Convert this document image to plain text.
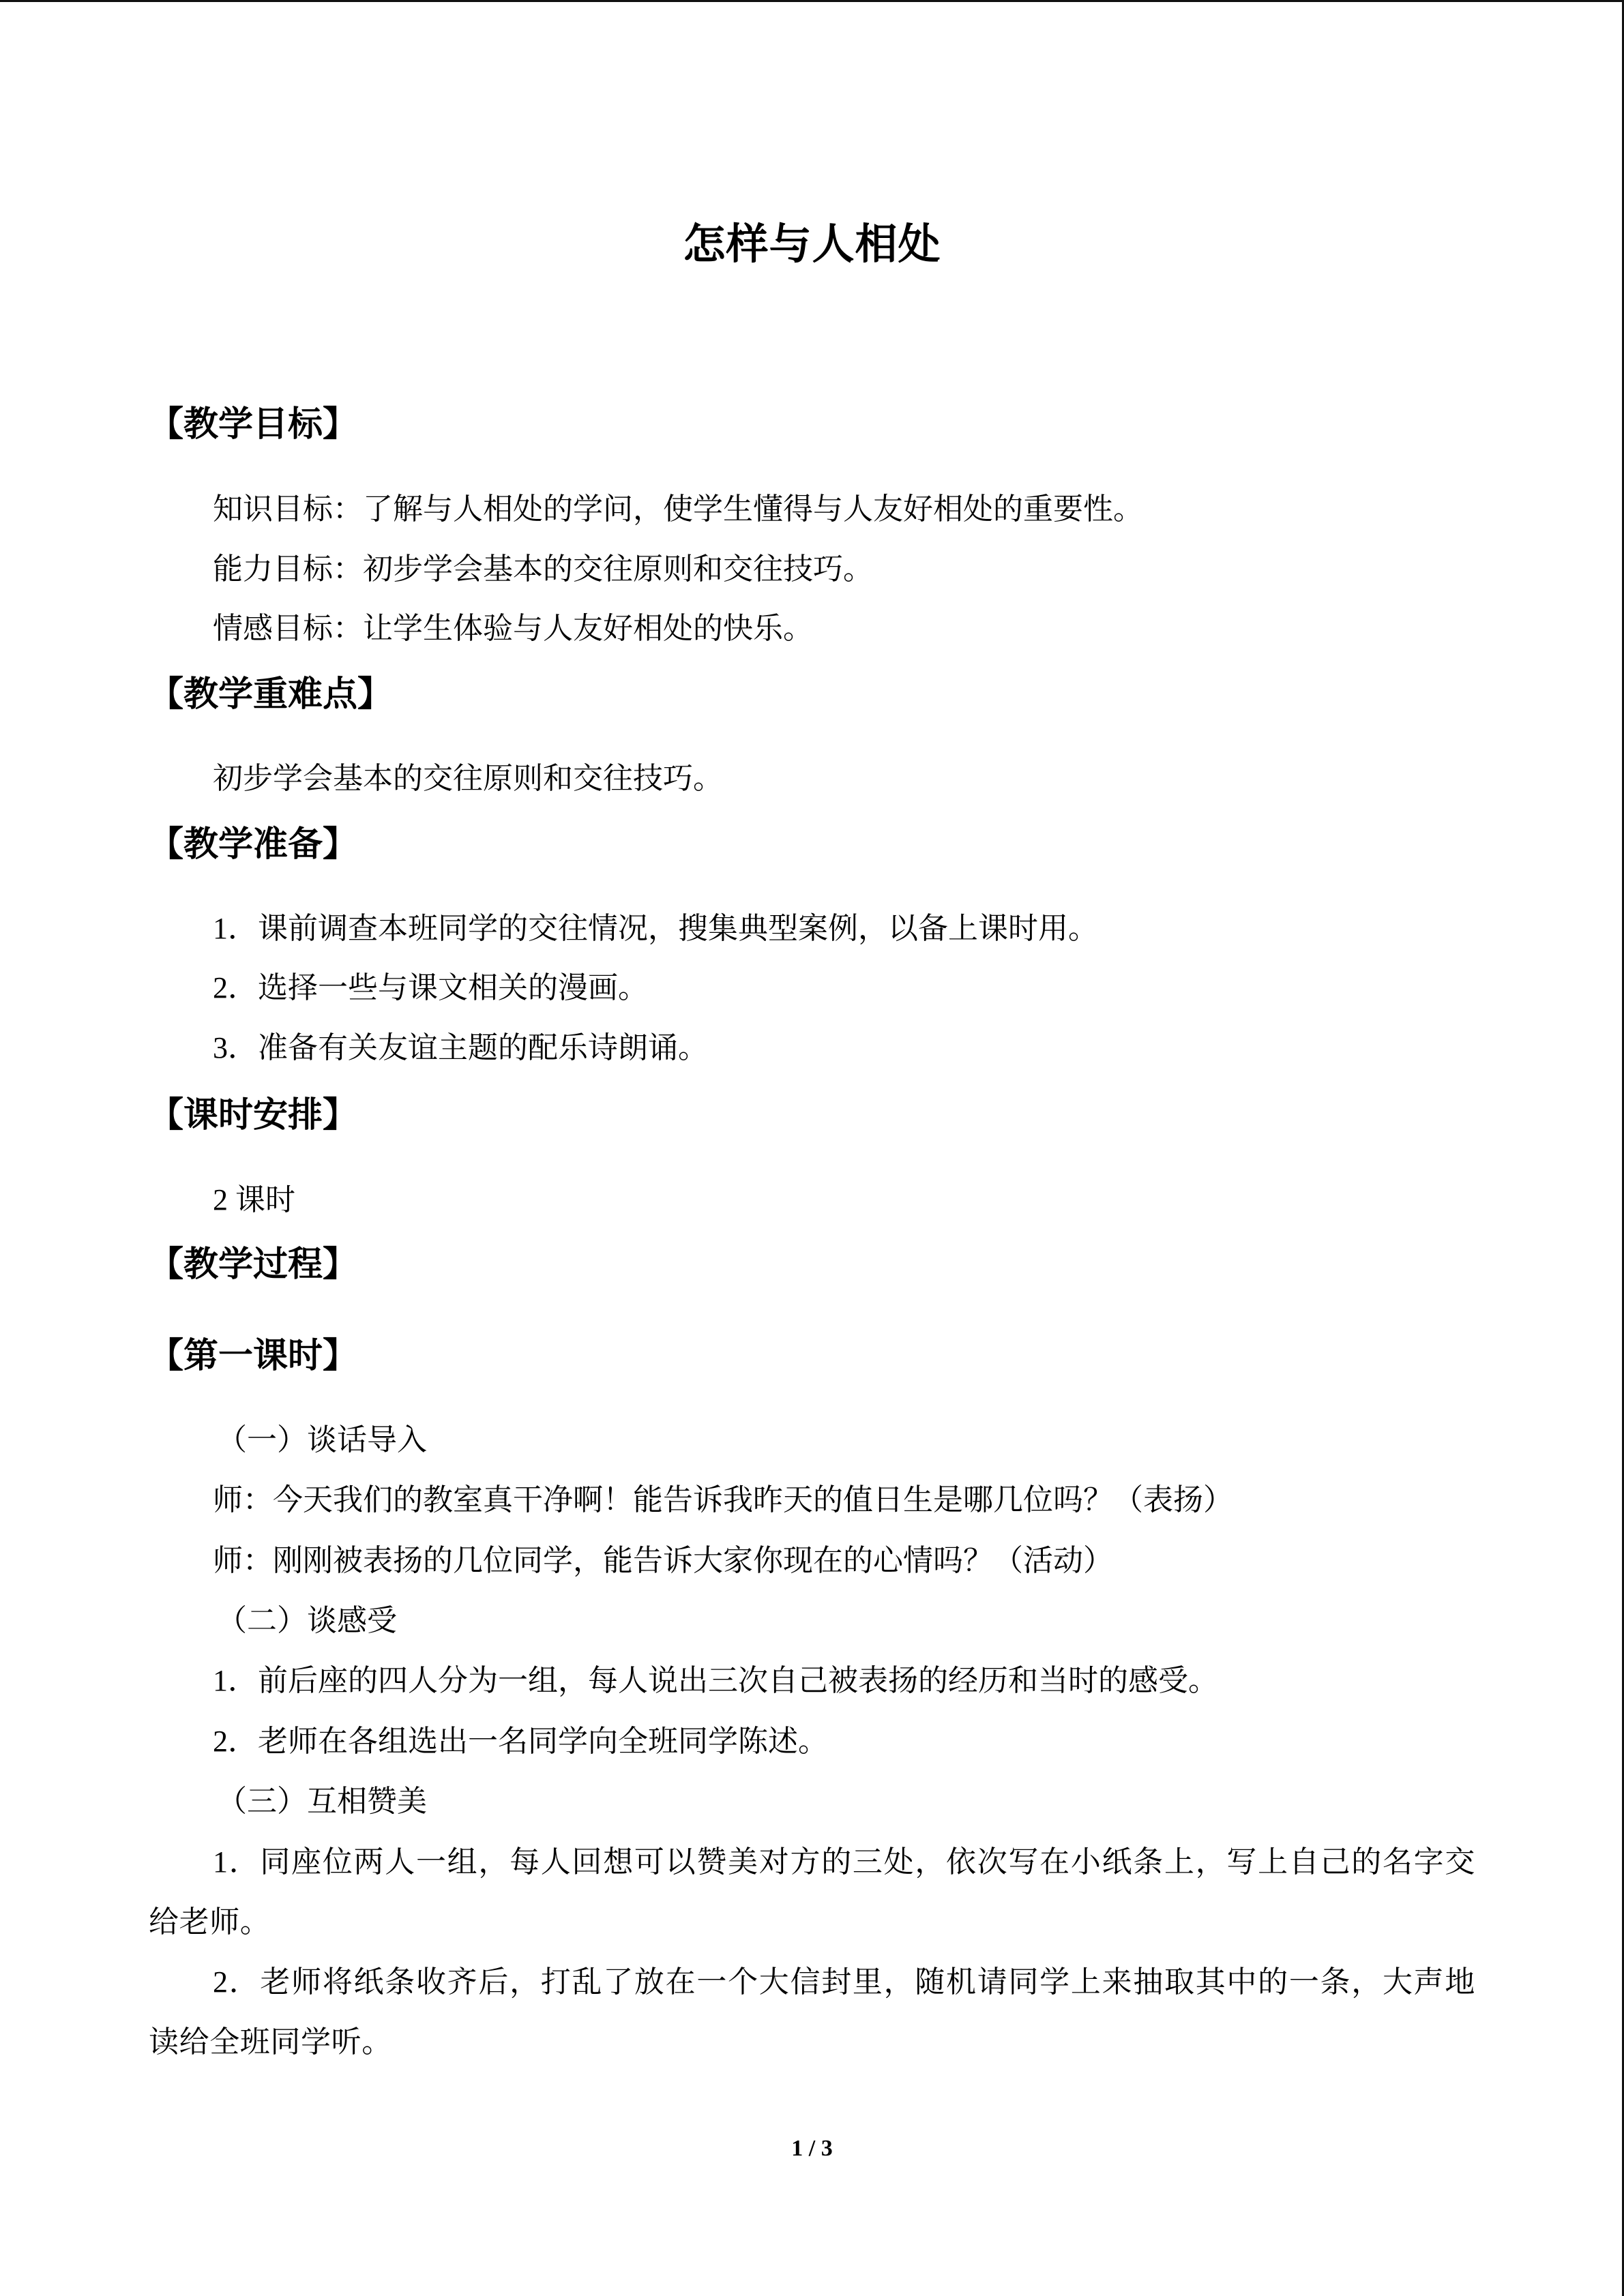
怎样与人相处
【教学目标】
知识目标：了解与人相处的学问，使学生懂得与人友好相处的重要性。
能力目标：初步学会基本的交往原则和交往技巧。
情感目标：让学生体验与人友好相处的快乐。
【教学重难点】
初步学会基本的交往原则和交往技巧。
【教学准备】
1．课前调查本班同学的交往情况，搜集典型案例，以备上课时用。
2．选择一些与课文相关的漫画。
3．准备有关友谊主题的配乐诗朗诵。
【课时安排】
2 课时
【教学过程】
【第一课时】
（一）谈话导入
师：今天我们的教室真干净啊！能告诉我昨天的值日生是哪几位吗？（表扬）
师：刚刚被表扬的几位同学，能告诉大家你现在的心情吗？（活动）
（二）谈感受
1．前后座的四人分为一组，每人说出三次自己被表扬的经历和当时的感受。
2．老师在各组选出一名同学向全班同学陈述。
（三）互相赞美
1．同座位两人一组，每人回想可以赞美对方的三处，依次写在小纸条上，写上自己的名字交给老师。
2．老师将纸条收齐后，打乱了放在一个大信封里，随机请同学上来抽取其中的一条，大声地读给全班同学听。
1 / 3
